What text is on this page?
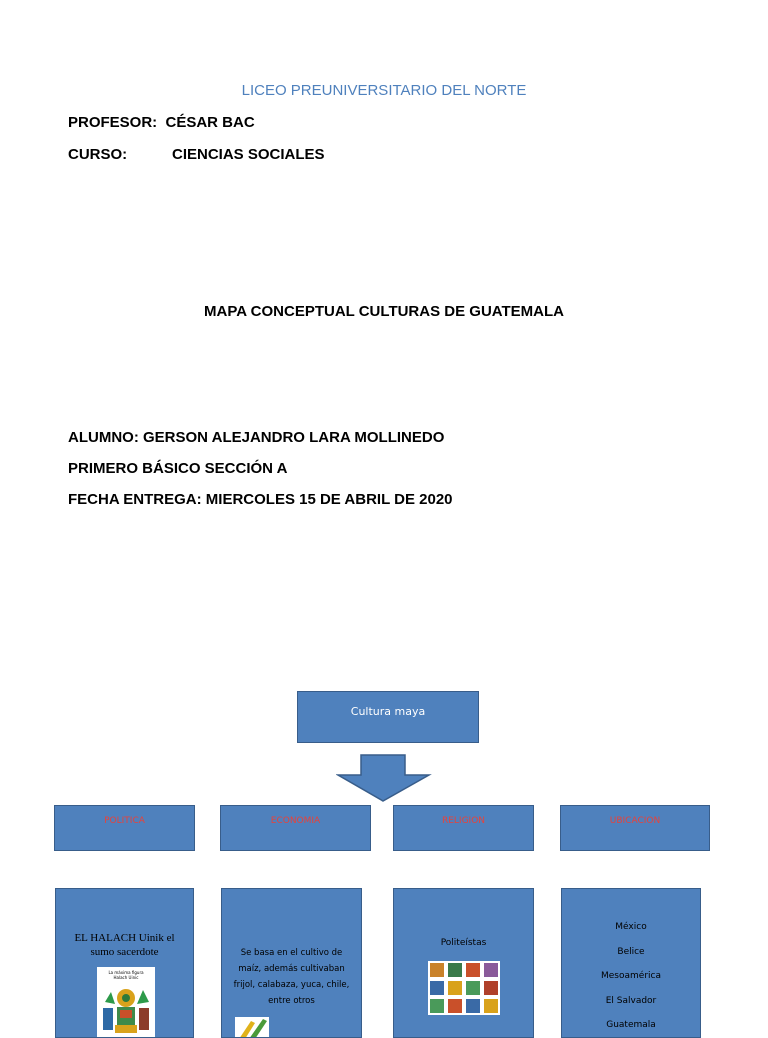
LICEO PREUNIVERSITARIO DEL NORTE
PROFESOR:  CÉSAR BAC
CURSO:	CIENCIAS SOCIALES
MAPA CONCEPTUAL CULTURAS DE GUATEMALA
ALUMNO: GERSON ALEJANDRO LARA MOLLINEDO
PRIMERO BÁSICO SECCIÓN A
FECHA ENTREGA: MIERCOLES 15 DE ABRIL DE 2020
Cultura maya
POLITICA	ECONOMIA	RELIGION	UBICACION
EL HALACH Uinik el
sumo sacerdote
La máxima figura
Halach Uinic
Se basa en el cultivo de
maíz, además cultivaban
frijol, calabaza, yuca, chile,
entre otros
Politeístas
México
Belice
Mesoamérica
El Salvador
Guatemala
